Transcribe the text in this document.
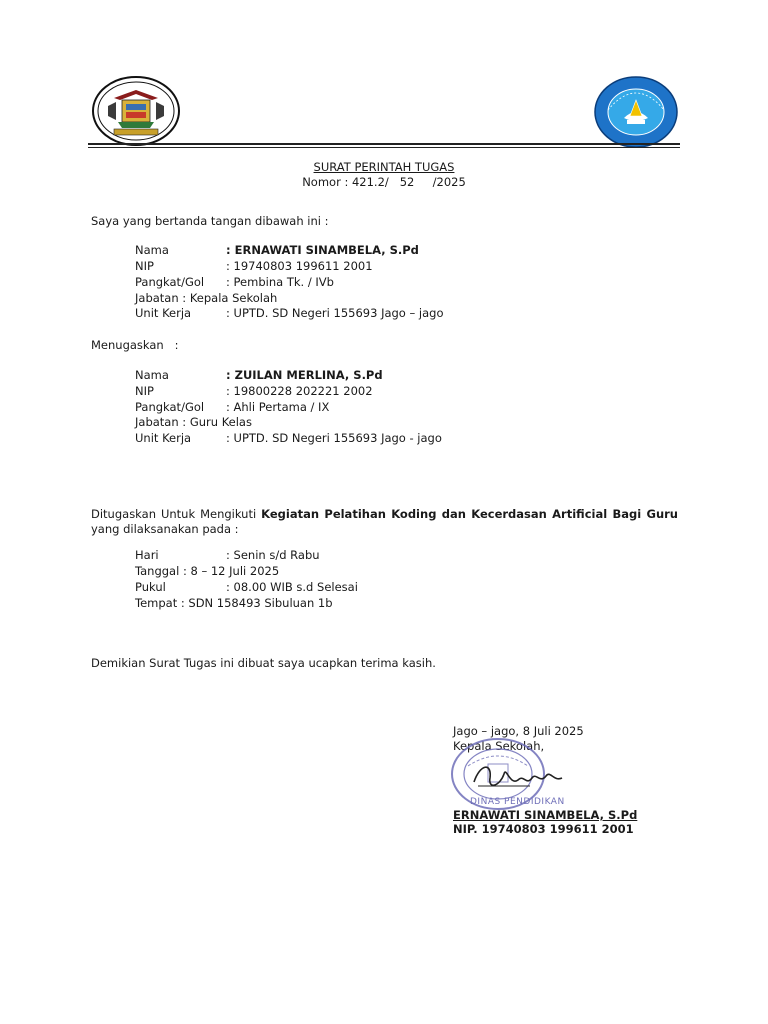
SURAT PERINTAH TUGAS
Nomor : 421.2/   52     /2025
Saya yang bertanda tangan dibawah ini :
Nama	: ERNAWATI SINAMBELA, S.Pd
NIP	: 19740803 199611 2001
Pangkat/Gol : Pembina Tk. / IVb
Jabatan : Kepala Sekolah
Unit Kerja	: UPTD. SD Negeri 155693 Jago – jago
Menugaskan   :
Nama	: ZUILAN MERLINA, S.Pd
NIP	: 19800228 202221 2002
Pangkat/Gol : Ahli Pertama / IX
Jabatan : Guru Kelas
Unit Kerja	: UPTD. SD Negeri 155693 Jago - jago
Ditugaskan Untuk Mengikuti Kegiatan Pelatihan Koding dan Kecerdasan Artificial Bagi Guru yang dilaksanakan pada :
Hari	: Senin s/d Rabu
Tanggal : 8 – 12 Juli 2025
Pukul	: 08.00 WIB s.d Selesai
Tempat : SDN 158493 Sibuluan 1b
Demikian Surat Tugas ini dibuat saya ucapkan terima kasih.
Jago – jago, 8 Juli 2025
Kepala Sekolah,
DINAS PENDIDIKAN
ERNAWATI SINAMBELA, S.Pd
NIP. 19740803 199611 2001
